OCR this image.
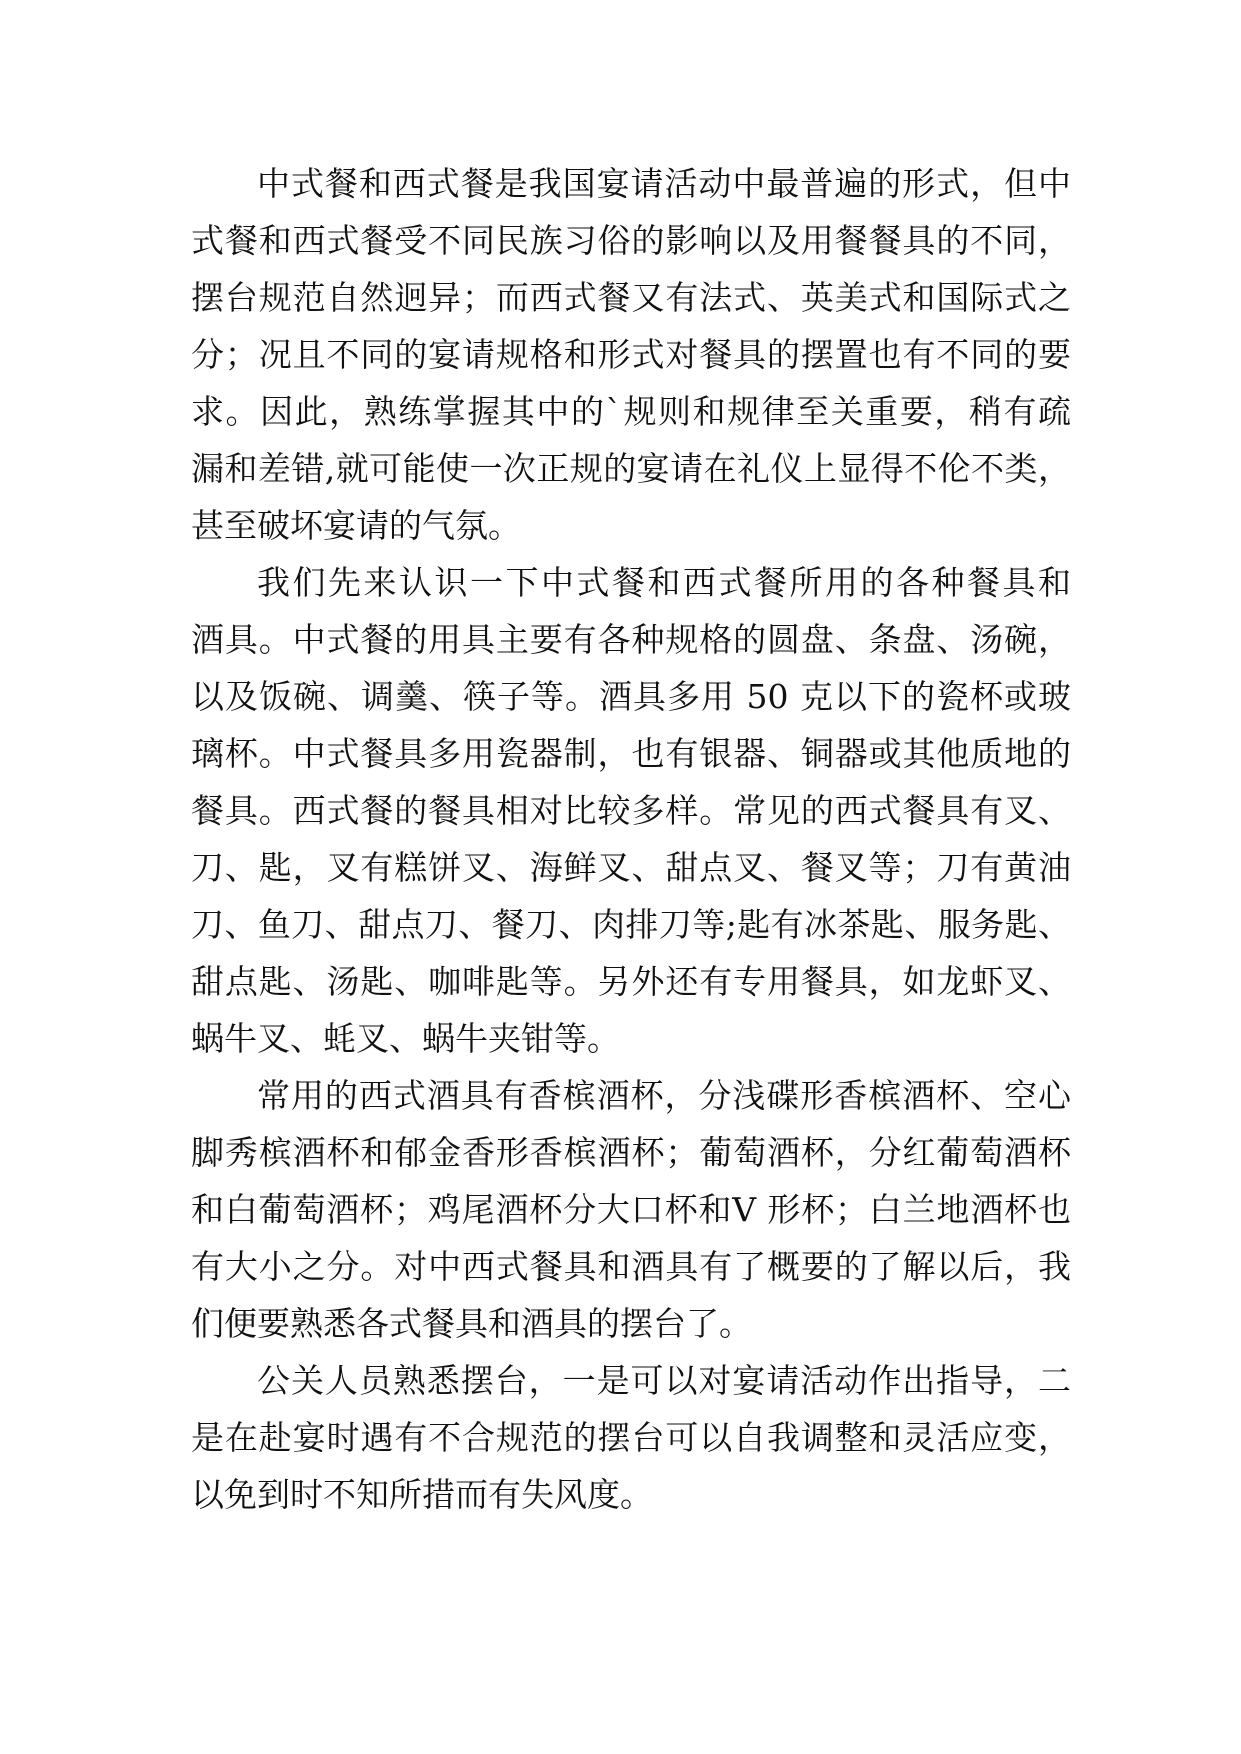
中式餐和西式餐是我国宴请活动中最普遍的形式，但中
式餐和西式餐受不同民族习俗的影响以及用餐餐具的不同，
摆台规范自然迥异；而西式餐又有法式、英美式和国际式之
分；况且不同的宴请规格和形式对餐具的摆置也有不同的要
求。因此，熟练掌握其中的`规则和规律至关重要，稍有疏
漏和差错,就可能使一次正规的宴请在礼仪上显得不伦不类，
甚至破坏宴请的气氛。
我们先来认识一下中式餐和西式餐所用的各种餐具和
酒具。中式餐的用具主要有各种规格的圆盘、条盘、汤碗，
以及饭碗、调羹、筷子等。酒具多用 50 克以下的瓷杯或玻
璃杯。中式餐具多用瓷器制，也有银器、铜器或其他质地的
餐具。西式餐的餐具相对比较多样。常见的西式餐具有叉、
刀、匙，叉有糕饼叉、海鲜叉、甜点叉、餐叉等；刀有黄油
刀、鱼刀、甜点刀、餐刀、肉排刀等;匙有冰茶匙、服务匙、
甜点匙、汤匙、咖啡匙等。另外还有专用餐具，如龙虾叉、
蜗牛叉、蚝叉、蜗牛夹钳等。
常用的西式酒具有香槟酒杯，分浅碟形香槟酒杯、空心
脚秀槟酒杯和郁金香形香槟酒杯；葡萄酒杯，分红葡萄酒杯
和白葡萄酒杯；鸡尾酒杯分大口杯和V 形杯；白兰地酒杯也
有大小之分。对中西式餐具和酒具有了概要的了解以后，我
们便要熟悉各式餐具和酒具的摆台了。
公关人员熟悉摆台，一是可以对宴请活动作出指导，二
是在赴宴时遇有不合规范的摆台可以自我调整和灵活应变，
以免到时不知所措而有失风度。
